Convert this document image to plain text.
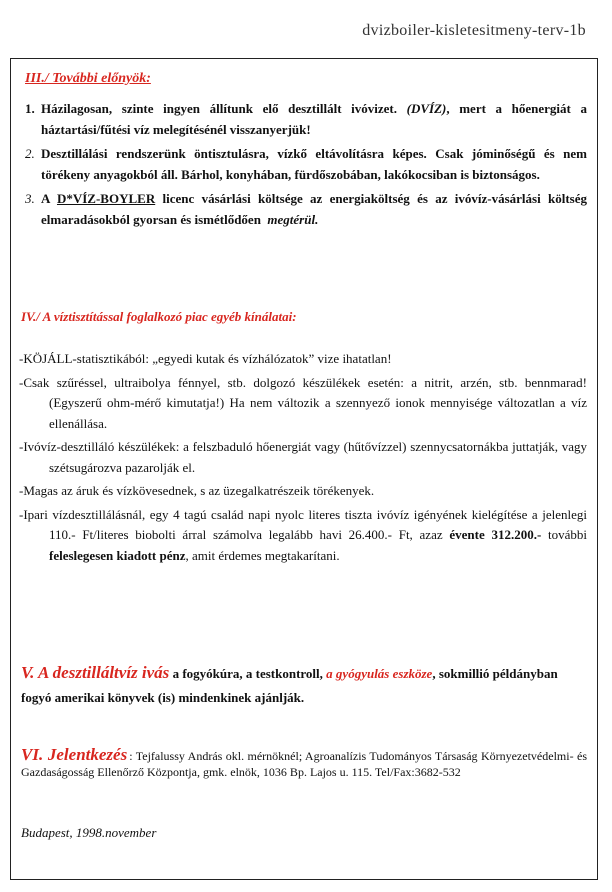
dvizboiler-kisletesitmeny-terv-1b
III./ További előnyök:
1. Házilagosan, szinte ingyen állítunk elő desztillált ivóvizet. (DVÍZ), mert a hőenergiát a háztartási/fűtési víz melegítésénél visszanyerjük!
2. Desztillálási rendszerünk öntisztulásra, vízkő eltávolításra képes. Csak jóminőségű és nem törékeny anyagokból áll. Bárhol, konyhában, fürdőszobában, lakókocsiban is biztonságos.
3. A D*VÍZ-BOYLER licenc vásárlási költsége az energiaköltség és az ivóvíz-vásárlási költség elmaradásokból gyorsan és ismétlődően megtérül.
IV./ A víztisztítással foglalkozó piac egyéb kínálatai:
-KÖJÁLL-statisztikából: „egyedi kutak és vízhálózatok” vize ihatatlan!
-Csak szűréssel, ultraibolya fénnyel, stb. dolgozó készülékek esetén: a nitrit, arzén, stb. bennmarad! (Egyszerű ohm-mérő kimutatja!) Ha nem változik a szennyező ionok mennyisége változatlan a víz ellenállása.
-Ivóvíz-desztilláló készülékek: a felszbaduló hőenergiát vagy (hűtővízzel) szennycsatornákba juttatják, vagy szétsugározva pazarolják el.
-Magas az áruk és vízkövesednek, s az üzegalkatrészeik törékenyek.
-Ipari vízdesztillálásnál, egy 4 tagú család napi nyolc literes tiszta ivóvíz igényének kielégítése a jelenlegi 110.- Ft/literes biobolti árral számolva legalább havi 26.400.- Ft, azaz évente 312.200.- további feleslegesen kiadott pénz, amit érdemes megtakarítani.
V. A desztilláltvíz ivás a fogyókúra, a testkontroll, a gyógyulás eszköze, sokmillió példányban fogyó amerikai könyvek (is) mindenkinek ajánlják.
VI. Jelentkezés : Tejfalussy András okl. mérnöknél; Agroanalízis Tudományos Társaság Környezetvédelmi- és Gazdaságosság Ellenőrző Központja, gmk. elnök, 1036 Bp. Lajos u. 115. Tel/Fax:3682-532
Budapest, 1998.november
